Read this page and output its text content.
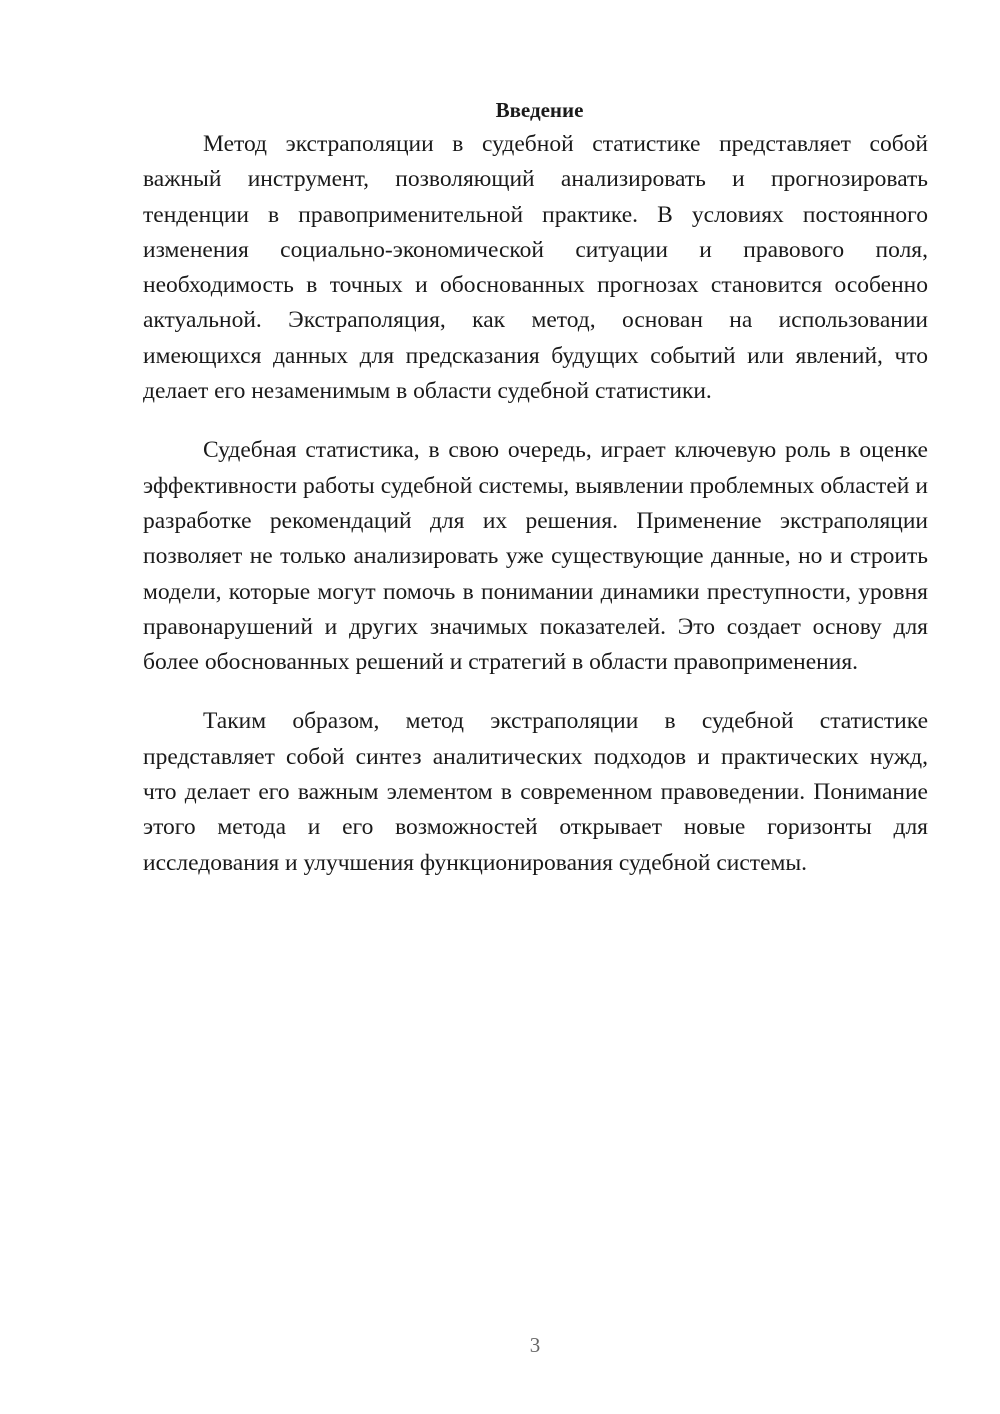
Введение

Метод экстраполяции в судебной статистике представляет собой важный инструмент, позволяющий анализировать и прогнозировать тенденции в правоприменительной практике. В условиях постоянного изменения социально-экономической ситуации и правового поля, необходимость в точных и обоснованных прогнозах становится особенно актуальной. Экстраполяция, как метод, основан на использовании имеющихся данных для предсказания будущих событий или явлений, что делает его незаменимым в области судебной статистики.

Судебная статистика, в свою очередь, играет ключевую роль в оценке эффективности работы судебной системы, выявлении проблемных областей и разработке рекомендаций для их решения. Применение экстраполяции позволяет не только анализировать уже существующие данные, но и строить модели, которые могут помочь в понимании динамики преступности, уровня правонарушений и других значимых показателей. Это создает основу для более обоснованных решений и стратегий в области правоприменения.

Таким образом, метод экстраполяции в судебной статистике представляет собой синтез аналитических подходов и практических нужд, что делает его важным элементом в современном правоведении. Понимание этого метода и его возможностей открывает новые горизонты для исследования и улучшения функционирования судебной системы.

3
